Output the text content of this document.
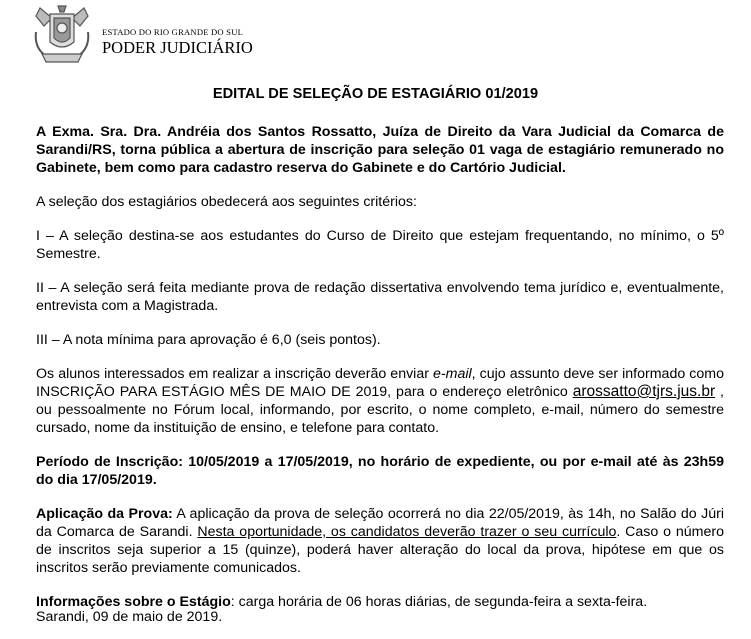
ESTADO DO RIO GRANDE DO SUL
PODER JUDICIÁRIO
EDITAL DE SELEÇÃO DE ESTAGIÁRIO 01/2019

A Exma. Sra. Dra. Andréia dos Santos Rossatto, Juíza de Direito da Vara Judicial da Comarca de Sarandi/RS, torna pública a abertura de inscrição para seleção 01 vaga de estagiário remunerado no Gabinete, bem como para cadastro reserva do Gabinete e do Cartório Judicial.

A seleção dos estagiários obedecerá aos seguintes critérios:

I – A seleção destina-se aos estudantes do Curso de Direito que estejam frequentando, no mínimo, o 5º Semestre.

II – A seleção será feita mediante prova de redação dissertativa envolvendo tema jurídico e, eventualmente, entrevista com a Magistrada.

III – A nota mínima para aprovação é 6,0 (seis pontos).

Os alunos interessados em realizar a inscrição deverão enviar e-mail, cujo assunto deve ser informado como INSCRIÇÃO PARA ESTÁGIO MÊS DE MAIO DE 2019, para o endereço eletrônico arossatto@tjrs.jus.br , ou pessoalmente no Fórum local, informando, por escrito, o nome completo, e-mail, número do semestre cursado, nome da instituição de ensino, e telefone para contato.

Período de Inscrição: 10/05/2019 a 17/05/2019, no horário de expediente, ou por e-mail até às 23h59 do dia 17/05/2019.

Aplicação da Prova: A aplicação da prova de seleção ocorrerá no dia 22/05/2019, às 14h, no Salão do Júri da Comarca de Sarandi. Nesta oportunidade, os candidatos deverão trazer o seu currículo. Caso o número de inscritos seja superior a 15 (quinze), poderá haver alteração do local da prova, hipótese em que os inscritos serão previamente comunicados.

Informações sobre o Estágio: carga horária de 06 horas diárias, de segunda-feira a sexta-feira.

Sarandi, 09 de maio de 2019.
